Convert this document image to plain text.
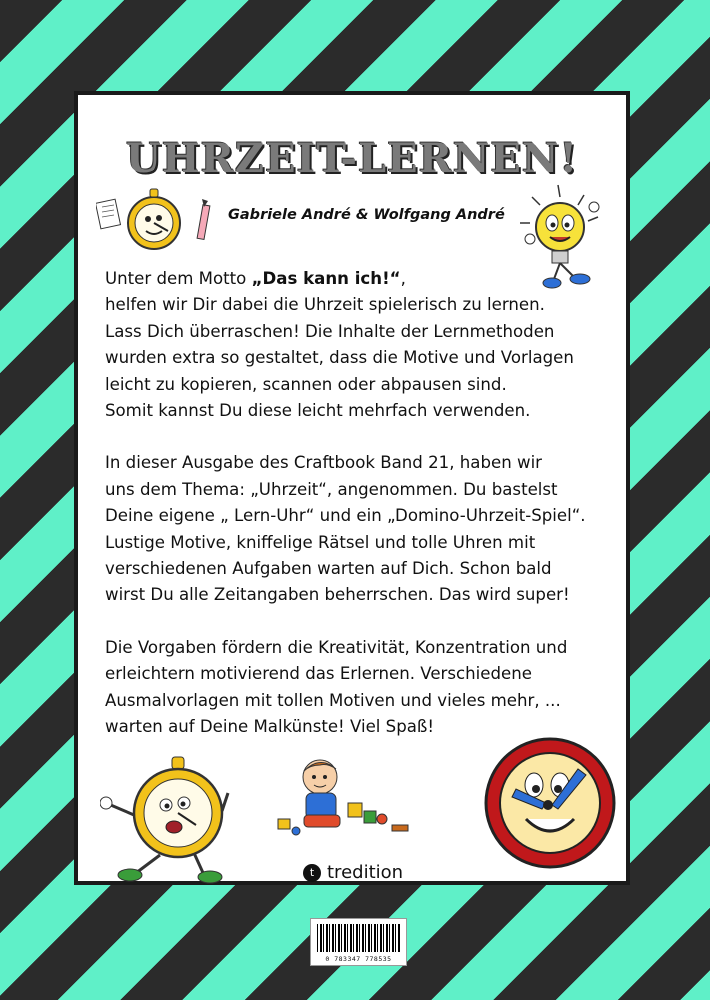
UHRZEIT-LERNEN!
Gabriele André & Wolfgang André

Unter dem Motto „Das kann ich!“,
helfen wir Dir dabei die Uhrzeit spielerisch zu lernen.
Lass Dich überraschen! Die Inhalte der Lernmethoden
wurden extra so gestaltet, dass die Motive und Vorlagen
leicht zu kopieren, scannen oder abpausen sind.
Somit kannst Du diese leicht mehrfach verwenden.

In dieser Ausgabe des Craftbook Band 21, haben wir
uns dem Thema: „Uhrzeit“, angenommen. Du bastelst
Deine eigene „ Lern-Uhr“ und ein „Domino-Uhrzeit-Spiel“.
Lustige Motive, kniffelige Rätsel und tolle Uhren mit
verschiedenen Aufgaben warten auf Dich. Schon bald
wirst Du alle Zeitangaben beherrschen. Das wird super!

Die Vorgaben fördern die Kreativität, Konzentration und
erleichtern motivierend das Erlernen. Verschiedene
Ausmalvorlagen mit tollen Motiven und vieles mehr, ...
warten auf Deine Malkünste! Viel Spaß!

t tredition
0 783347 778535
